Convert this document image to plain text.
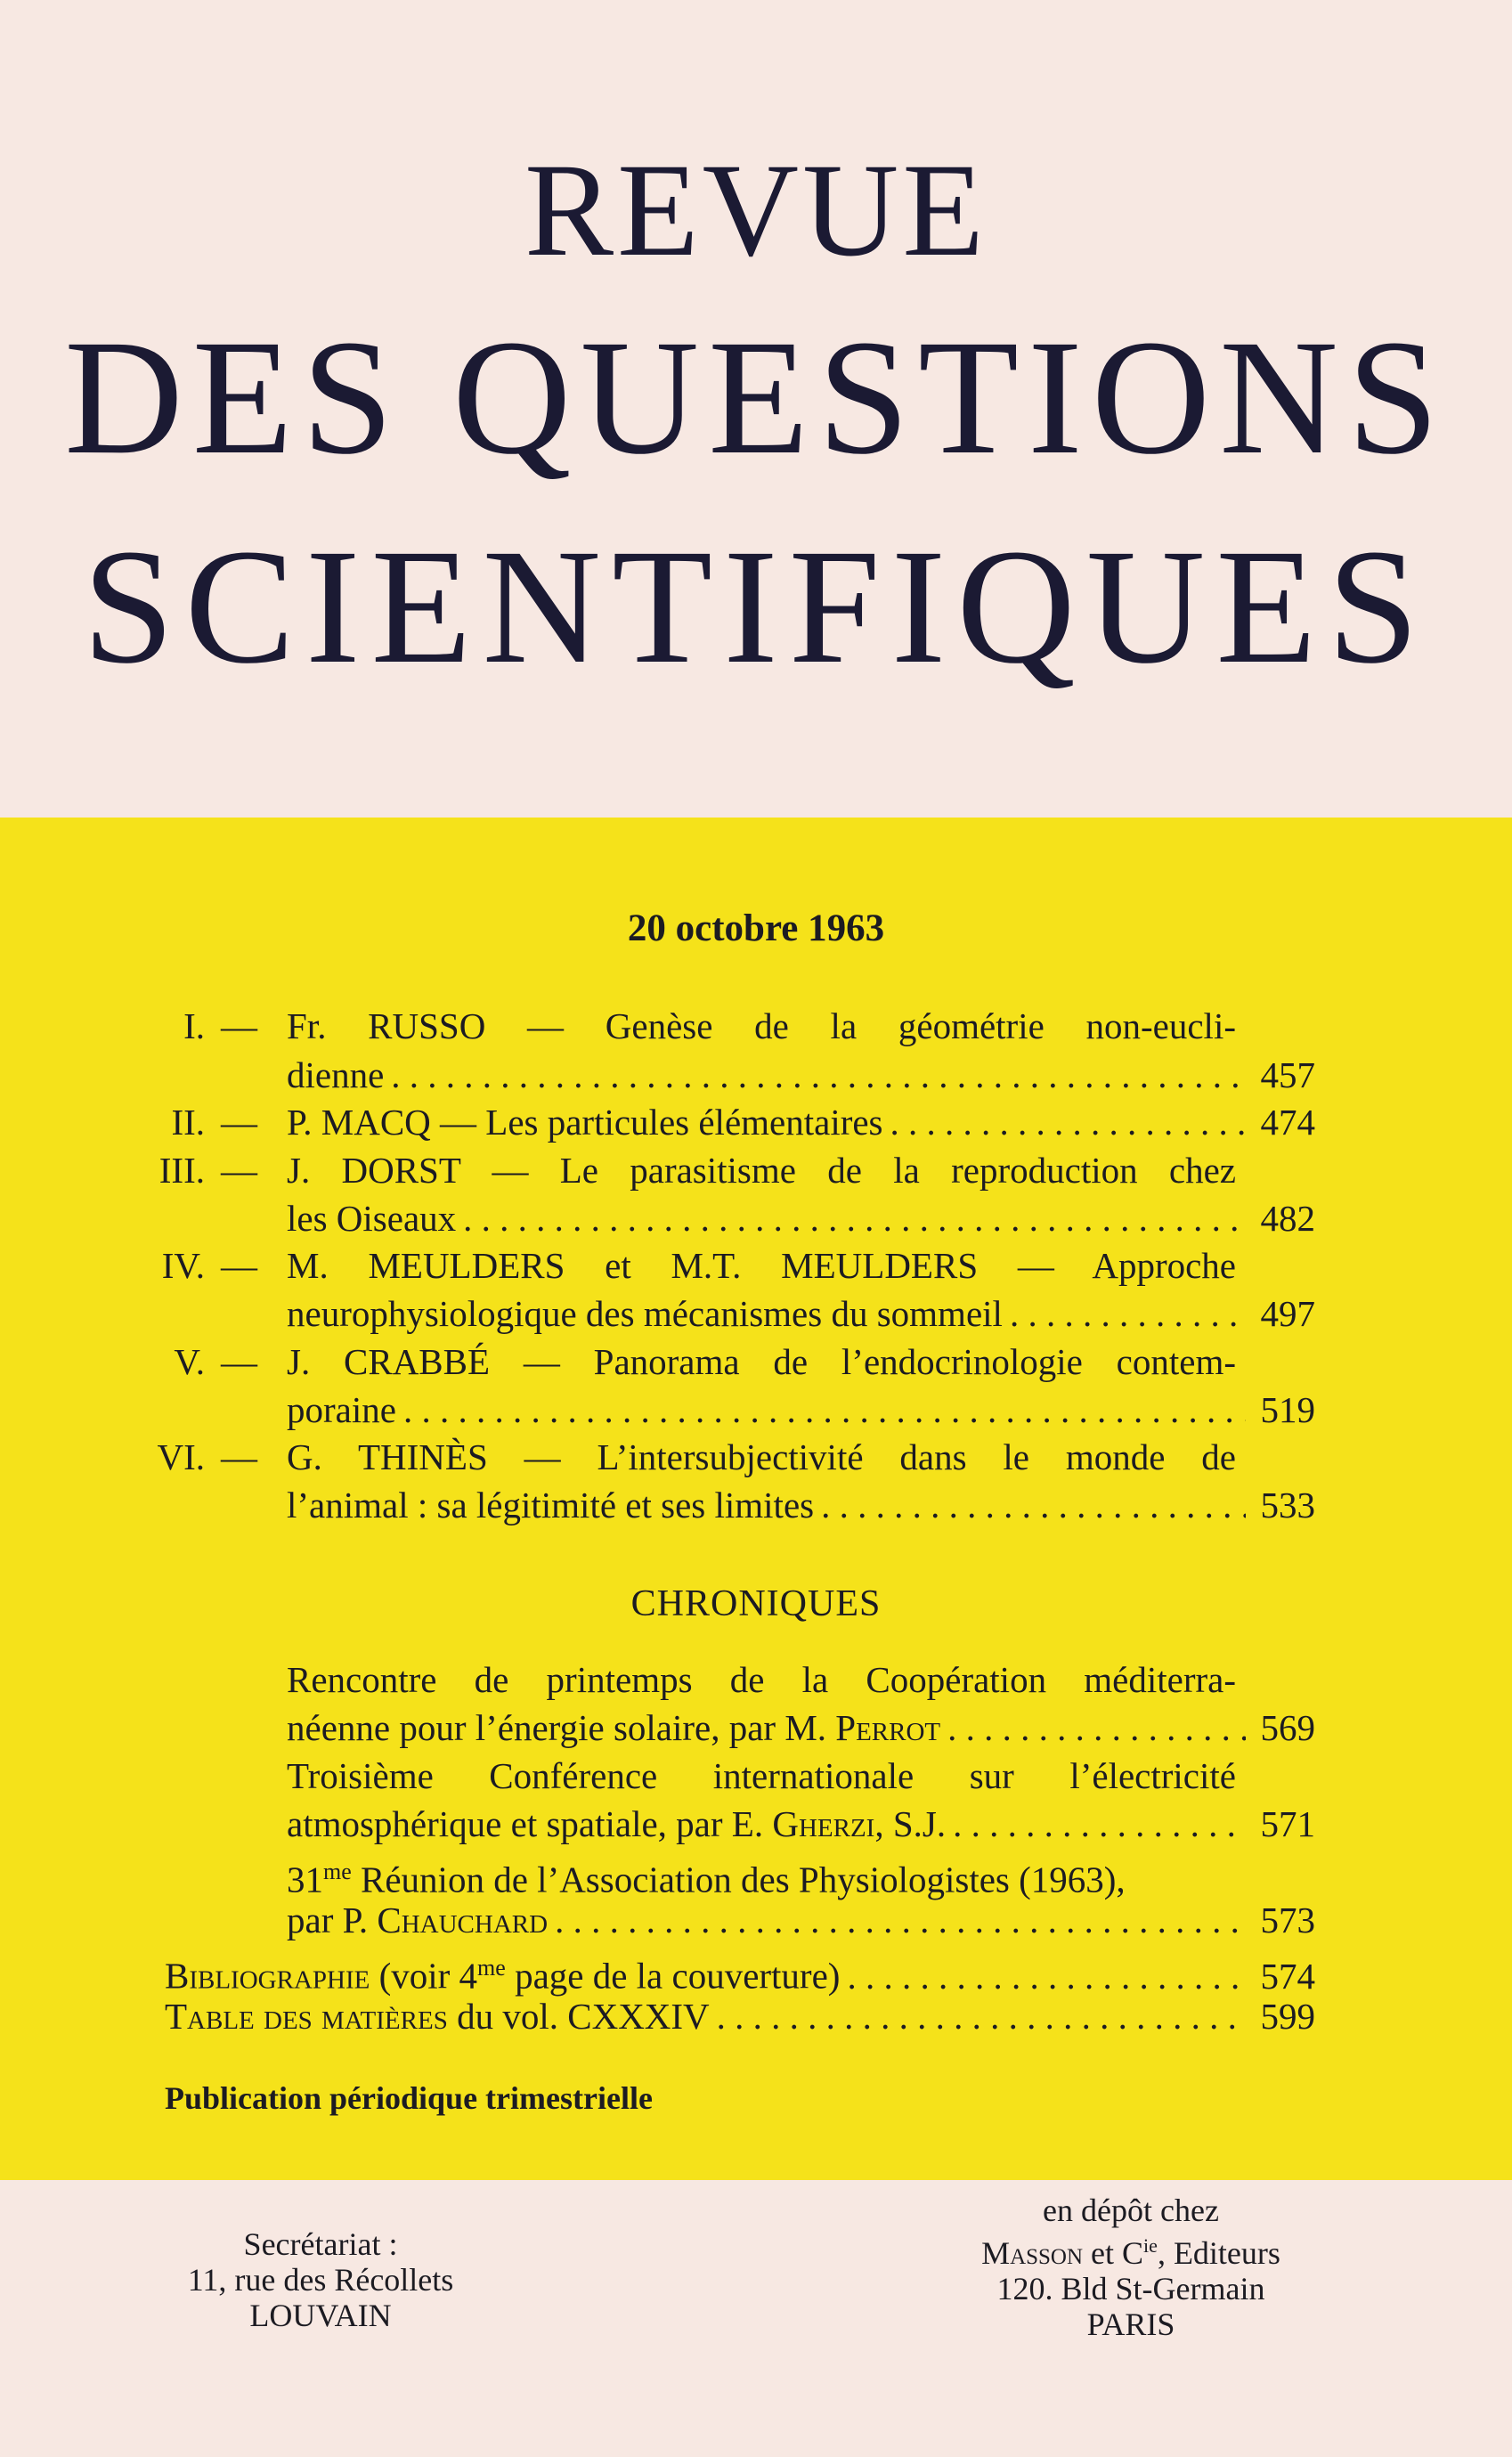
REVUE
DES QUESTIONS
SCIENTIFIQUES
20 octobre 1963
I. — Fr. RUSSO — Genèse de la géométrie non-eucli-
dienne . . .	457
II. — P. MACQ — Les particules élémentaires . . .	474
III. — J. DORST — Le parasitisme de la reproduction chez
les Oiseaux . . .	482
IV. — M. MEULDERS et M.T. MEULDERS — Approche
neurophysiologique des mécanismes du sommeil . . .	497
V. — J. CRABBÉ — Panorama de l’endocrinologie contem-
poraine . . .	519
VI. — G. THINÈS — L’intersubjectivité dans le monde de
l’animal : sa légitimité et ses limites . . .	533
CHRONIQUES
Rencontre de printemps de la Coopération méditerra-
néenne pour l’énergie solaire, par M. Perrot . . .	569
Troisième Conférence internationale sur l’électricité
atmosphérique et spatiale, par E. Gherzi, S.J. . . .	571
$31^{me}$ Réunion de l’Association des Physiologistes (1963),
par P. Chauchard . . .	573
Bibliographie (voir $4^{me}$ page de la couverture) . . .	574
Table des matières du vol. CXXXIV . . .	599
Publication périodique trimestrielle
Secrétariat :
11, rue des Récollets
LOUVAIN
en dépôt chez
Masson et $C^{ie}$, Editeurs
120. Bld St-Germain
PARIS
